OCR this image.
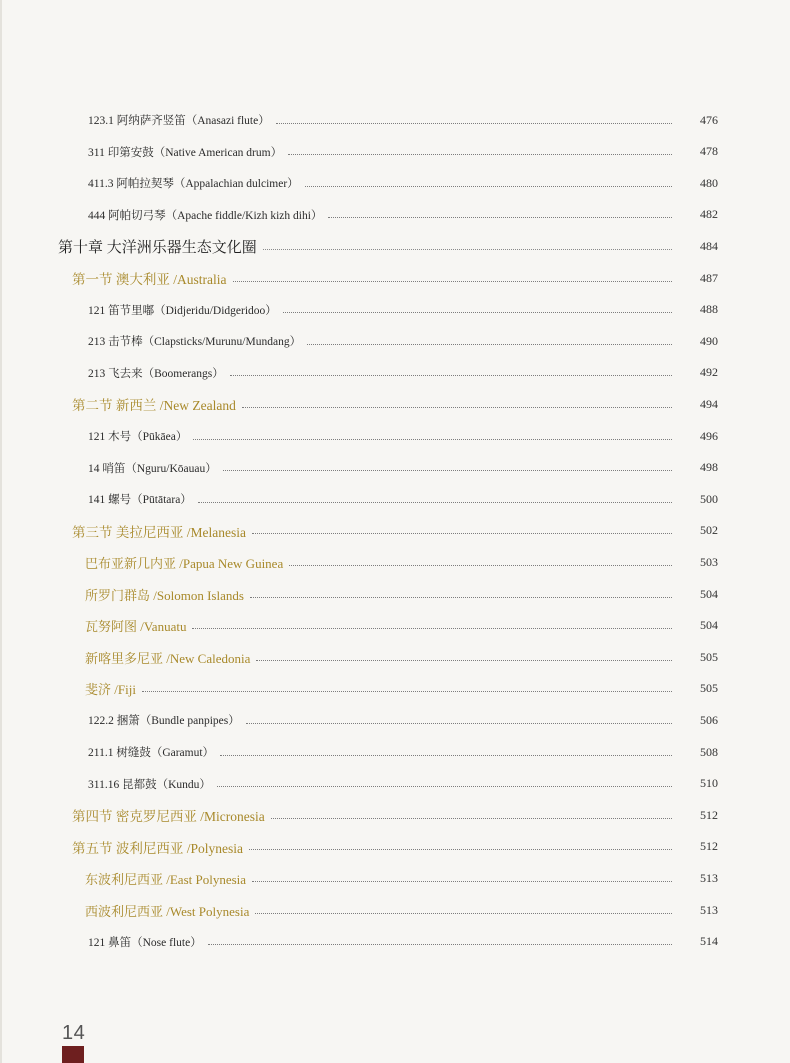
123.1 阿纳萨齐竖笛（Anasazi flute）	476
311 印第安鼓（Native American drum）	478
411.3 阿帕拉契琴（Appalachian dulcimer）	480
444 阿帕切弓琴（Apache fiddle/Kizh kizh dihi）	482
第十章 大洋洲乐器生态文化圈	484
第一节 澳大利亚 /Australia	487
121 笛节里嘟（Didjeridu/Didgeridoo）	488
213 击节棒（Clapsticks/Murunu/Mundang）	490
213 飞去来（Boomerangs）	492
第二节 新西兰 /New Zealand	494
121 木号（Pūkāea）	496
14 哨笛（Nguru/Kōauau）	498
141 螺号（Pūtātara）	500
第三节 美拉尼西亚 /Melanesia	502
巴布亚新几内亚 /Papua New Guinea	503
所罗门群岛 /Solomon Islands	504
瓦努阿图 /Vanuatu	504
新喀里多尼亚 /New Caledonia	505
斐济 /Fiji	505
122.2 捆箫（Bundle panpipes）	506
211.1 树缝鼓（Garamut）	508
311.16 昆都鼓（Kundu）	510
第四节 密克罗尼西亚 /Micronesia	512
第五节 波利尼西亚 /Polynesia	512
东波利尼西亚 /East Polynesia	513
西波利尼西亚 /West Polynesia	513
121 鼻笛（Nose flute）	514
14
